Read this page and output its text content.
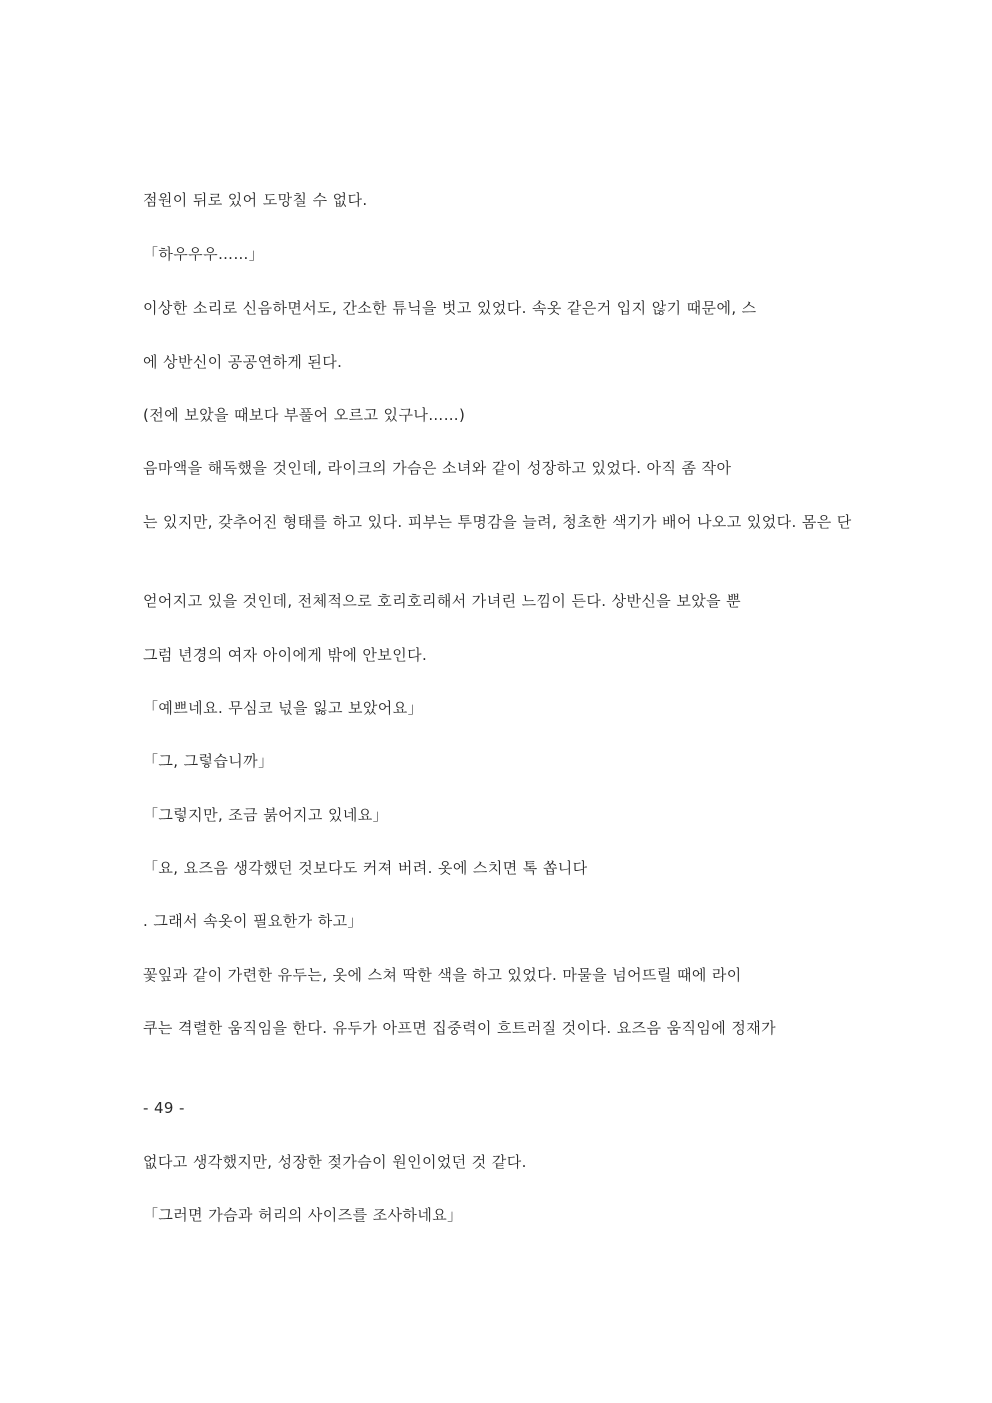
점원이 뒤로 있어 도망칠 수 없다.

「하우우우……」

이상한 소리로 신음하면서도, 간소한 튜닉을 벗고 있었다. 속옷 같은거 입지 않기 때문에, 스

에 상반신이 공공연하게 된다.

(전에 보았을 때보다 부풀어 오르고 있구나……)

음마액을 해독했을 것인데, 라이크의 가슴은 소녀와 같이 성장하고 있었다. 아직 좀 작아

는 있지만, 갖추어진 형태를 하고 있다. 피부는 투명감을 늘려, 청초한 색기가 배어 나오고 있었다. 몸은 단

얻어지고 있을 것인데, 전체적으로 호리호리해서 가녀린 느낌이 든다. 상반신을 보았을 뿐

그럼 년경의 여자 아이에게 밖에 안보인다.

「예쁘네요. 무심코 넋을 잃고 보았어요」

「그, 그렇습니까」

「그렇지만, 조금 붉어지고 있네요」

「요, 요즈음 생각했던 것보다도 커져 버려. 옷에 스치면 톡 쏩니다

. 그래서 속옷이 필요한가 하고」

꽃잎과 같이 가련한 유두는, 옷에 스쳐 딱한 색을 하고 있었다. 마물을 넘어뜨릴 때에 라이

쿠는 격렬한 움직임을 한다. 유두가 아프면 집중력이 흐트러질 것이다. 요즈음 움직임에 정재가

- 49 -

없다고 생각했지만, 성장한 젖가슴이 원인이었던 것 같다.

「그러면 가슴과 허리의 사이즈를 조사하네요」
